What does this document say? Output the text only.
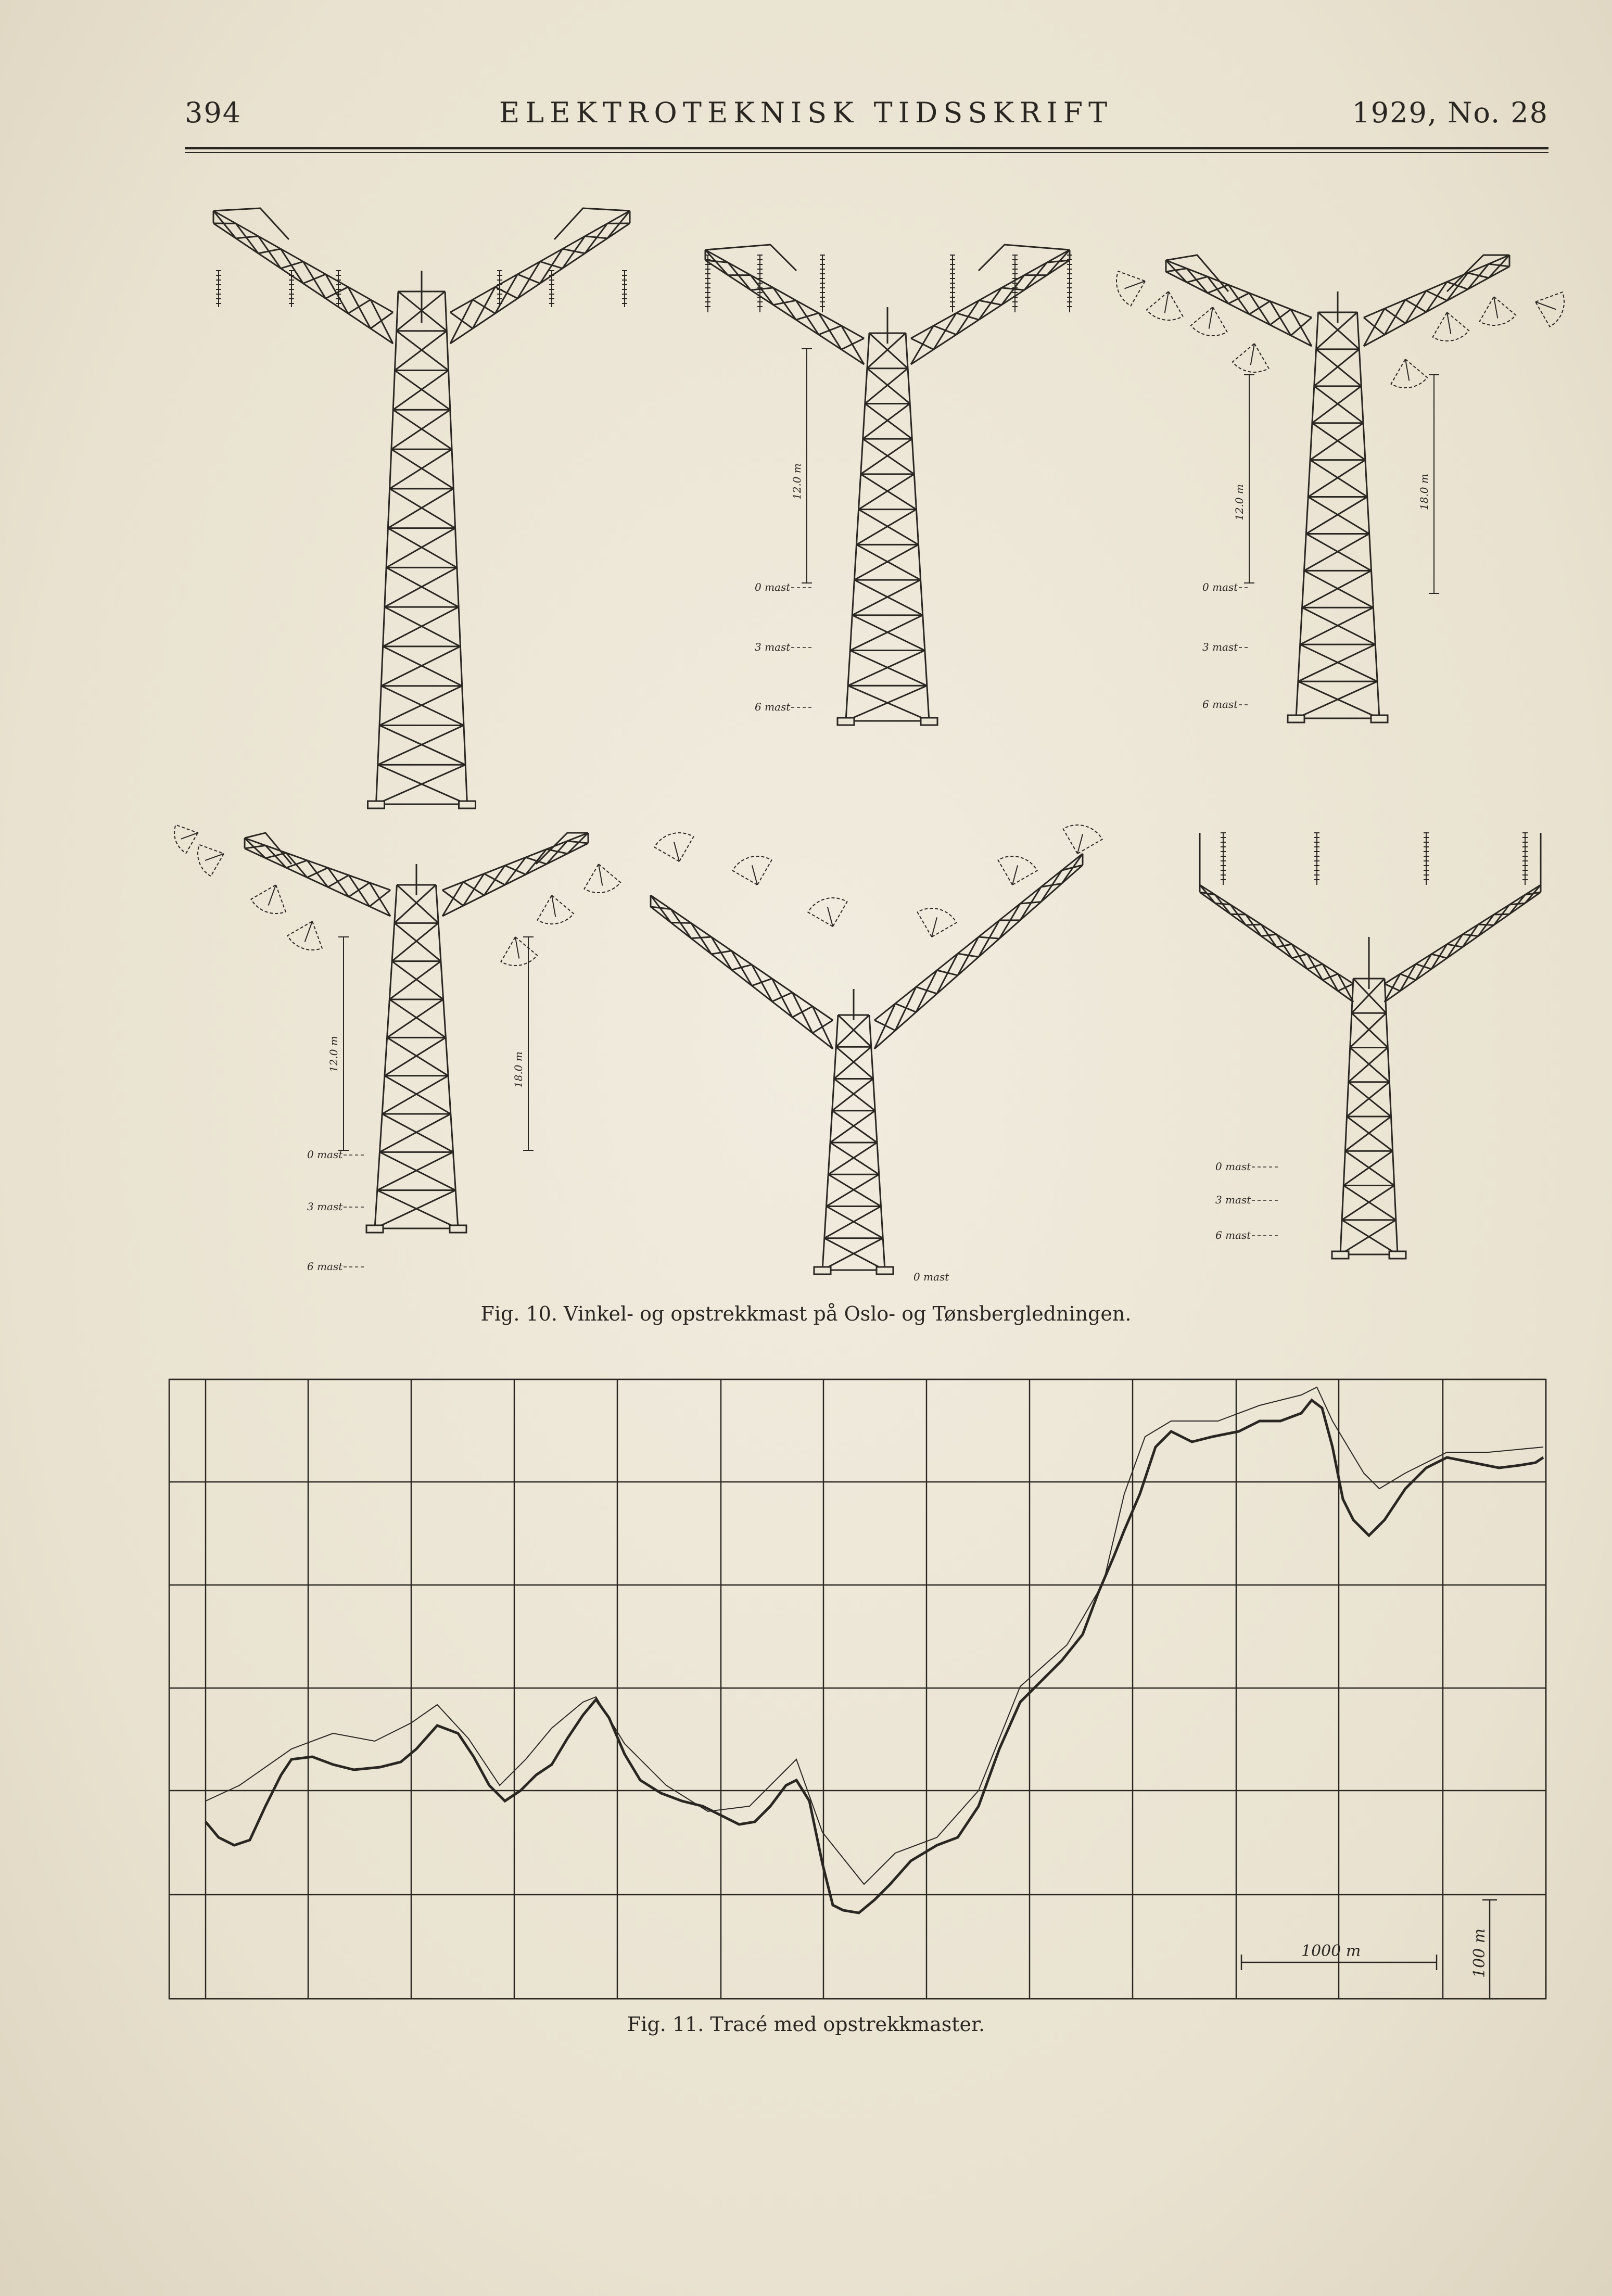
394	ELEKTROTEKNISK TIDSSKRIFT	1929, No. 28
12.0 m
0 mast
3 mast
6 mast
12.0 m	18.0 m
0 mast
3 mast
6 mast
12.0 m	18.0 m
0 mast
3 mast
6 mast
0 mast
0 mast
3 mast
6 mast
Fig. 10. Vinkel- og opstrekkmast på Oslo- og Tønsbergledningen.
1000 m	100 m
Fig. 11. Tracé med opstrekkmaster.
